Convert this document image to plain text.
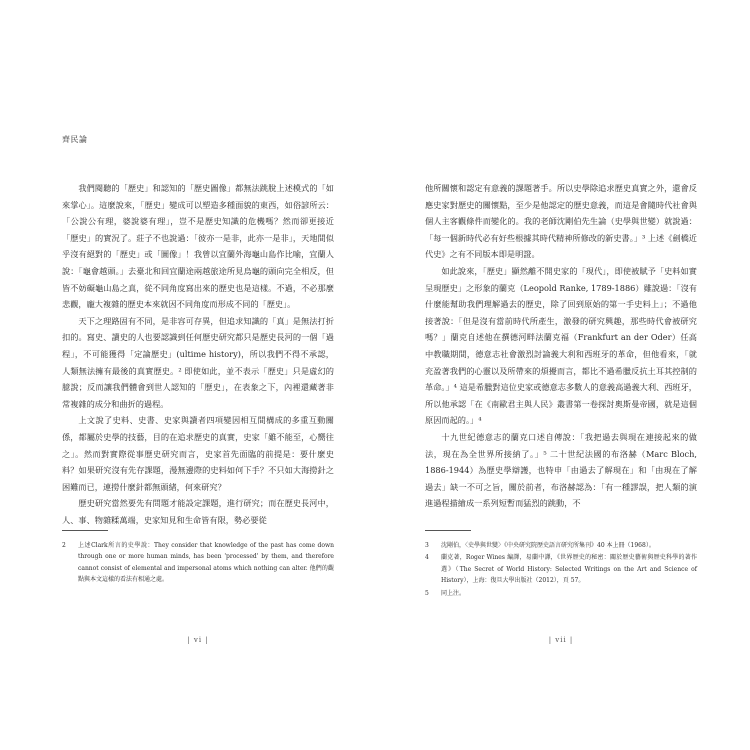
齊民論

我們閱聽的「歷史」和認知的「歷史圖像」都無法跳脫上述模式的「如來掌心」。這麼說來，「歷史」變成可以塑造多種面貌的東西，如俗諺所云：「公說公有理，婆說婆有理」，豈不是歷史知識的危機嗎？然而卻更接近「歷史」的實況了。莊子不也說過：「彼亦一是非，此亦一是非」，天地間似乎沒有絕對的「歷史」或「圖像」！我曾以宜蘭外海龜山島作比喻，宜蘭人說：「龜會越頭。」去臺北和回宜蘭途兩越旅途所見烏龜的頭向完全相反，但皆不妨礙龜山島之真，從不同角度寫出來的歷史也是這樣。不過，不必那麼悲觀，龐大複雜的歷史本來就因不同角度而形成不同的「歷史」。

天下之理路固有不同，是非容可存異，但追求知識的「真」是無法打折扣的。寫史、讀史的人也要認識到任何歷史研究都只是歷史長河的一個「過程」，不可能獲得「定論歷史」(ultime history)，所以我們不得不承認，人類無法擁有最後的真實歷史。² 即使如此，並不表示「歷史」只是虛幻的臆說；反而讓我們體會到世人認知的「歷史」，在表象之下，內裡還藏著非常複雜的成分和曲折的過程。

上文說了史料、史書、史家與讀者四項變因相互間構成的多重互動關係，都屬於史學的技藝，目的在追求歷史的真實，史家「雖不能至，心嚮往之」。然而對實際從事歷史研究而言，史家首先面臨的前提是：要什麼史料？如果研究沒有先存課題，漫無邊際的史料如何下手？不只如大海撈針之困難而已，連撈什麼針都無頭緒，何來研究？

歷史研究當然要先有問題才能設定課題，進行研究；而在歷史長河中，人、事、物雜糅萬端，史家知見和生命皆有限，勢必要從

2	上述Clark所言的史學說：They consider that knowledge of the past has come down through one or more human minds, has been 'processed' by them, and therefore cannot consist of elemental and impersonal atoms which nothing can alter. 他們的觀點與本文這樣的看法有相通之處。
| vi |

他所關懷和認定有意義的課題著手。所以史學除追求歷史真實之外，還會反應史家對歷史的關懷點，至少是他認定的歷史意義，而這是會隨時代社會與個人主客觀條件而變化的。我的老師沈剛伯先生論（史學與世變）就說過：「每一個新時代必有好些根據其時代精神所修改的新史書。」³ 上述《劍橋近代史》之有不同版本即是明證。

如此說來，「歷史」顯然離不開史家的「現代」，即使被賦予「史料如實呈現歷史」之形象的蘭克（Leopold Ranke, 1789-1886）雖說過：「沒有什麼能幫助我們理解過去的歷史，除了回到原始的第一手史料上」；不過他接著說：「但是沒有當前時代所產生，激發的研究興趣，那些時代會被研究嗎？」蘭克自述他在撰德河畔法蘭克福（Frankfurt an der Oder）任高中教職期間，德意志社會激烈討論義大利和西班牙的革命，但他看來，「就充盈著我們的心靈以及所帶來的煩擾而言，都比不過希臘反抗土耳其控制的革命。」⁴ 這是希臘對這位史家或德意志多數人的意義高過義大利、西班牙，所以他承認「在《南歐君主與人民》叢書第一卷探討奧斯曼帝國，就是這個原因而起的。」⁴

十九世紀德意志的蘭克口述自傳說：「我把過去與現在連接起來的做法，現在為全世界所接納了。」⁵ 二十世紀法國的布洛赫（Marc Bloch, 1886-1944）為歷史學辯護，也特申「由過去了解現在」和「由現在了解過去」缺一不可之旨，關於前者，布洛赫認為：「有一種謬誤，把人類的演進過程描繪成一系列短暫而猛烈的跳動，不

3	沈剛伯，〈史學與世變〉《中央研究院歷史語言研究所集刊》40 本上冊（1968）。
4	蘭克著，Roger Wines 編譯，易蘭中譯，《世界歷史的秘密：關於歷史藝術與歷史科學的著作選》（The Secret of World History: Selected Writings on the Art and Science of History），上海：復旦大學出版社（2012），頁 57。
5	同上注。
| vii |
